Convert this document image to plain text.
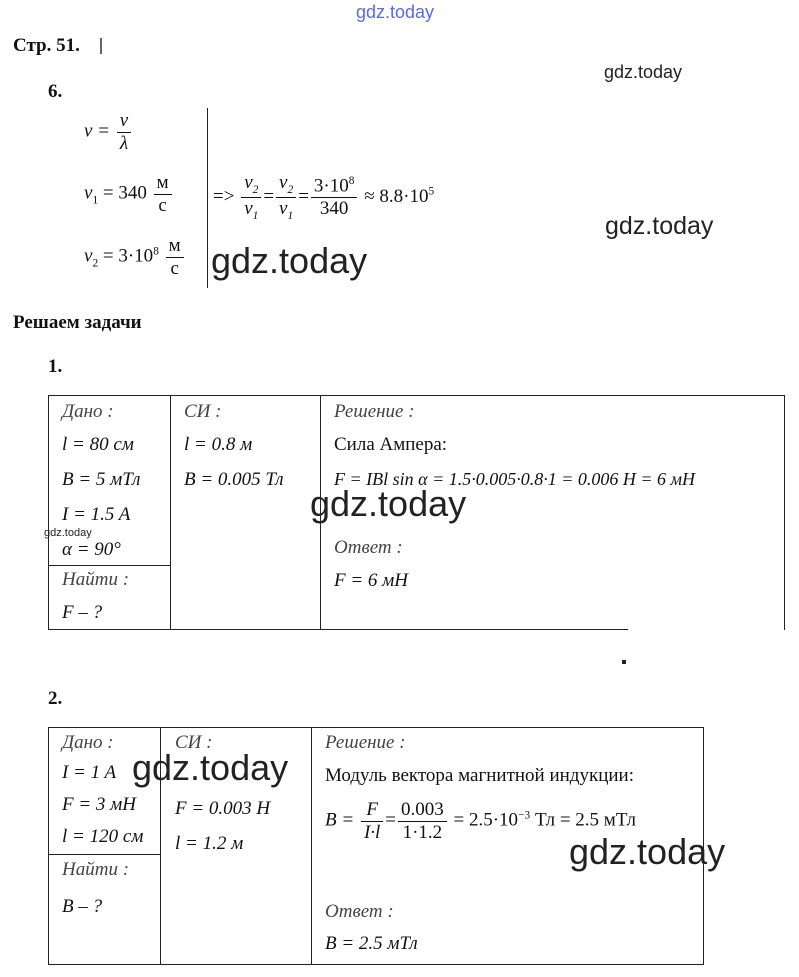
gdz.today
gdz.today
gdz.today
Стр. 51.
6.
$\nu = \frac{v}{\lambda}$
$v_1 = 340 \frac{м}{с}$
$v_2 = 3\cdot 10^8 \frac{м}{с}$
=> $\frac{\nu_2}{\nu_1} = \frac{v_2}{v_1} = \frac{3\cdot 10^8}{340} \approx 8.8\cdot 10^5$
gdz.today
Решаем задачи
1.
Дано :
l = 80 см
B = 5 мТл
I = 1.5 A
α = 90°
gdz.today
Найти :
F – ?
СИ :
l = 0.8 м
B = 0.005 Тл
Решение :
Сила Ампера:
F = IBl sin α = 1.5·0.005·0.8·1 = 0.006 Н = 6 мН
Ответ :
F = 6 мН
gdz.today
2.
Дано :
I = 1 A
F = 3 мН
l = 120 см
Найти :
B – ?
СИ :
F = 0.003 Н
l = 1.2 м
Решение :
Модуль вектора магнитной индукции:
$B = \frac{F}{I\cdot l} = \frac{0.003}{1\cdot 1.2} = 2.5\cdot 10^{-3}$ Тл = 2.5 мТл
Ответ :
B = 2.5 мТл
gdz.today
gdz.today
